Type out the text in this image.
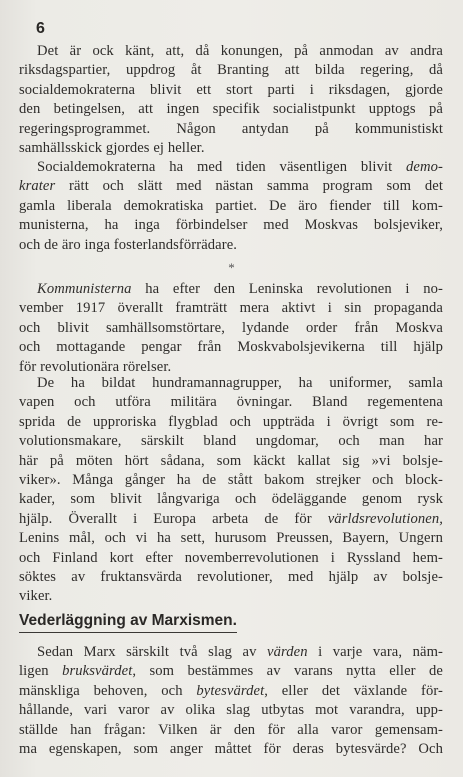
6
Det är ock känt, att, då konungen, på anmodan av andra
riksdagspartier, uppdrog åt Branting att bilda regering, då
socialdemokraterna blivit ett stort parti i riksdagen, gjorde
den betingelsen, att ingen specifik socialistpunkt upptogs på
regeringsprogrammet. Någon antydan på kommunistiskt
samhällsskick gjordes ej heller.
Socialdemokraterna ha med tiden väsentligen blivit demo-
krater rätt och slätt med nästan samma program som det
gamla liberala demokratiska partiet. De äro fiender till kom-
munisterna, ha inga förbindelser med Moskvas bolsjeviker,
och de äro inga fosterlandsförrädare.
*
Kommunisterna ha efter den Leninska revolutionen i no-
vember 1917 överallt framträtt mera aktivt i sin propaganda
och blivit samhällsomstörtare, lydande order från Moskva
och mottagande pengar från Moskvabolsjevikerna till hjälp
för revolutionära rörelser.
De ha bildat hundramannagrupper, ha uniformer, samla
vapen och utföra militära övningar. Bland regementena
sprida de upproriska flygblad och uppträda i övrigt som re-
volutionsmakare, särskilt bland ungdomar, och man har
här på möten hört sådana, som käckt kallat sig »vi bolsje-
viker». Många gånger ha de stått bakom strejker och block-
kader, som blivit långvariga och ödeläggande genom rysk
hjälp. Överallt i Europa arbeta de för världsrevolutionen,
Lenins mål, och vi ha sett, hurusom Preussen, Bayern, Ungern
och Finland kort efter novemberrevolutionen i Ryssland hem-
söktes av fruktansvärda revolutioner, med hjälp av bolsje-
viker.
Vederläggning av Marxismen.
Sedan Marx särskilt två slag av värden i varje vara, näm-
ligen bruksvärdet, som bestämmes av varans nytta eller de
mänskliga behoven, och bytesvärdet, eller det växlande för-
hållande, vari varor av olika slag utbytas mot varandra, upp-
ställde han frågan: Vilken är den för alla varor gemensam-
ma egenskapen, som anger måttet för deras bytesvärde? Och
